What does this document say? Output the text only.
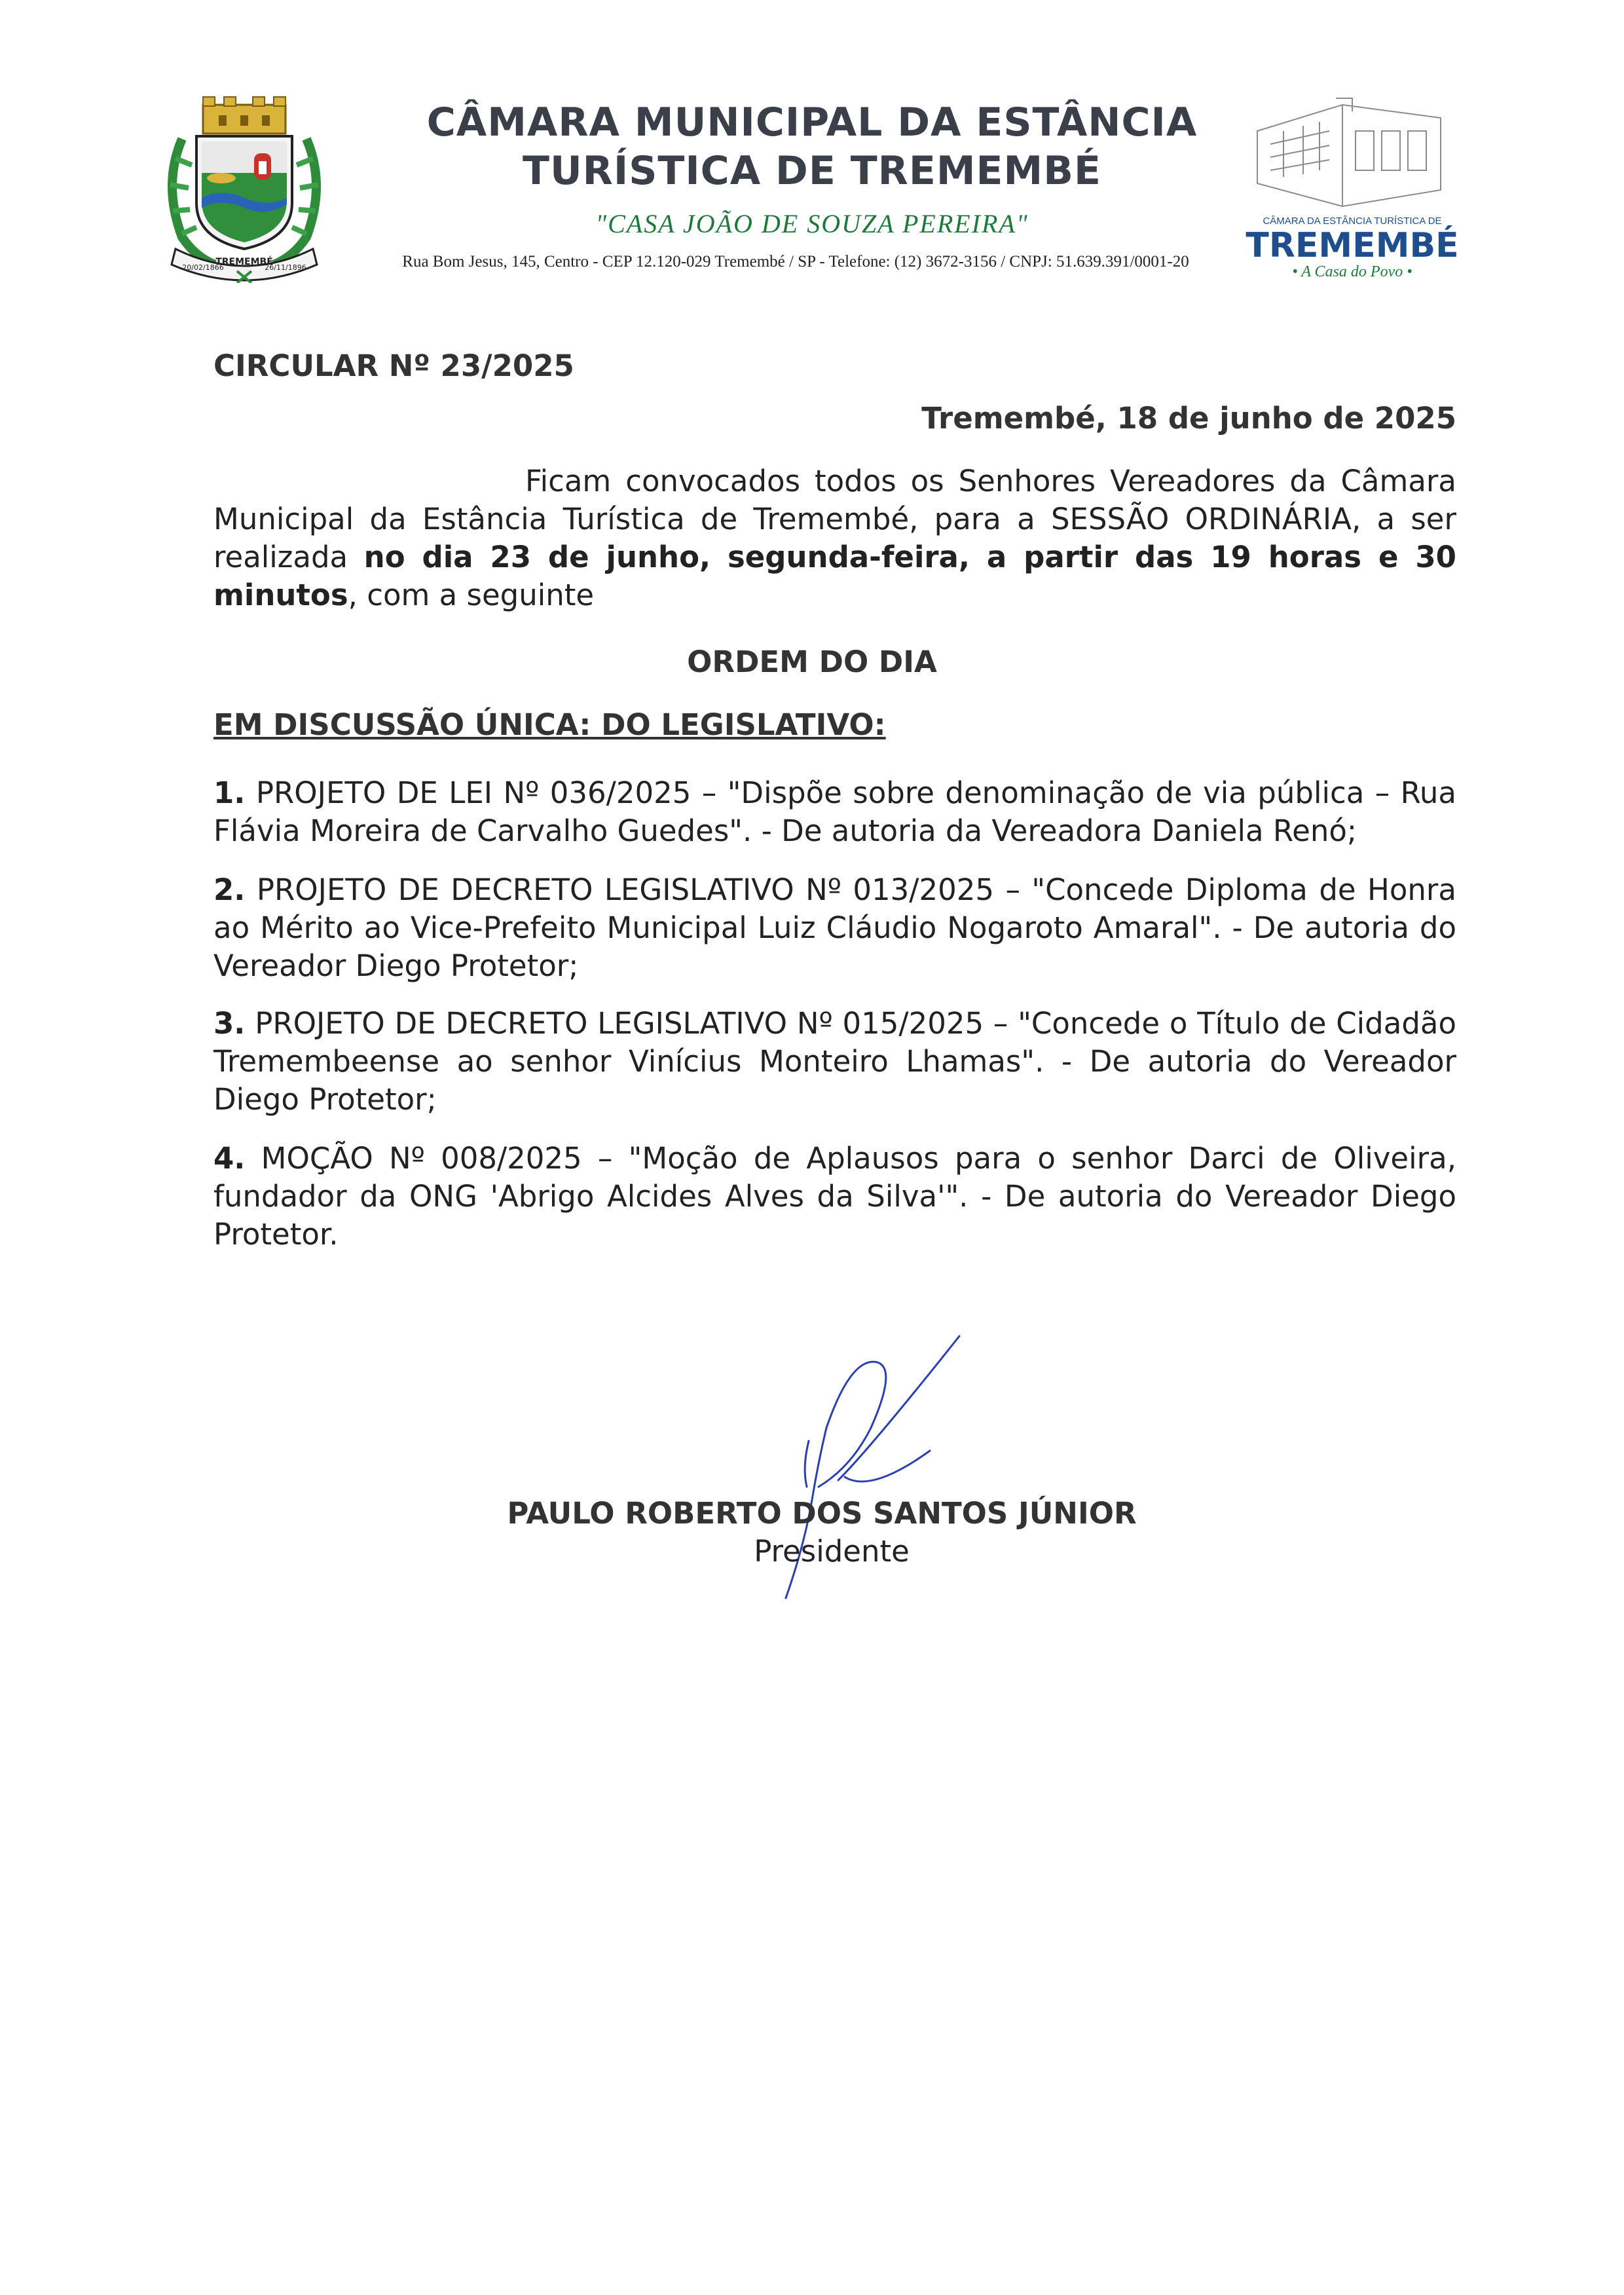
TREMEMBÉ
20/02/1866	26/11/1896
CÂMARA MUNICIPAL DA ESTÂNCIA
TURÍSTICA DE TREMEMBÉ
"CASA JOÃO DE SOUZA PEREIRA"
Rua Bom Jesus, 145, Centro - CEP 12.120-029 Tremembé / SP - Telefone: (12) 3672-3156 / CNPJ: 51.639.391/0001-20
CÂMARA DA ESTÂNCIA TURÍSTICA DE
TREMEMBÉ
• A Casa do Povo •
CIRCULAR Nº 23/2025
Tremembé, 18 de junho de 2025
Ficam convocados todos os Senhores Vereadores da Câmara Municipal da Estância Turística de Tremembé, para a SESSÃO ORDINÁRIA, a ser realizada no dia 23 de junho, segunda-feira, a partir das 19 horas e 30 minutos, com a seguinte
ORDEM DO DIA
EM DISCUSSÃO ÚNICA: DO LEGISLATIVO:
1. PROJETO DE LEI Nº 036/2025 – "Dispõe sobre denominação de via pública – Rua Flávia Moreira de Carvalho Guedes". - De autoria da Vereadora Daniela Renó;
2. PROJETO DE DECRETO LEGISLATIVO Nº 013/2025 – "Concede Diploma de Honra ao Mérito ao Vice-Prefeito Municipal Luiz Cláudio Nogaroto Amaral". - De autoria do Vereador Diego Protetor;
3. PROJETO DE DECRETO LEGISLATIVO Nº 015/2025 – "Concede o Título de Cidadão Tremembeense ao senhor Vinícius Monteiro Lhamas". - De autoria do Vereador Diego Protetor;
4. MOÇÃO Nº 008/2025 – "Moção de Aplausos para o senhor Darci de Oliveira, fundador da ONG 'Abrigo Alcides Alves da Silva'". - De autoria do Vereador Diego Protetor.
PAULO ROBERTO DOS SANTOS JÚNIOR
Presidente
